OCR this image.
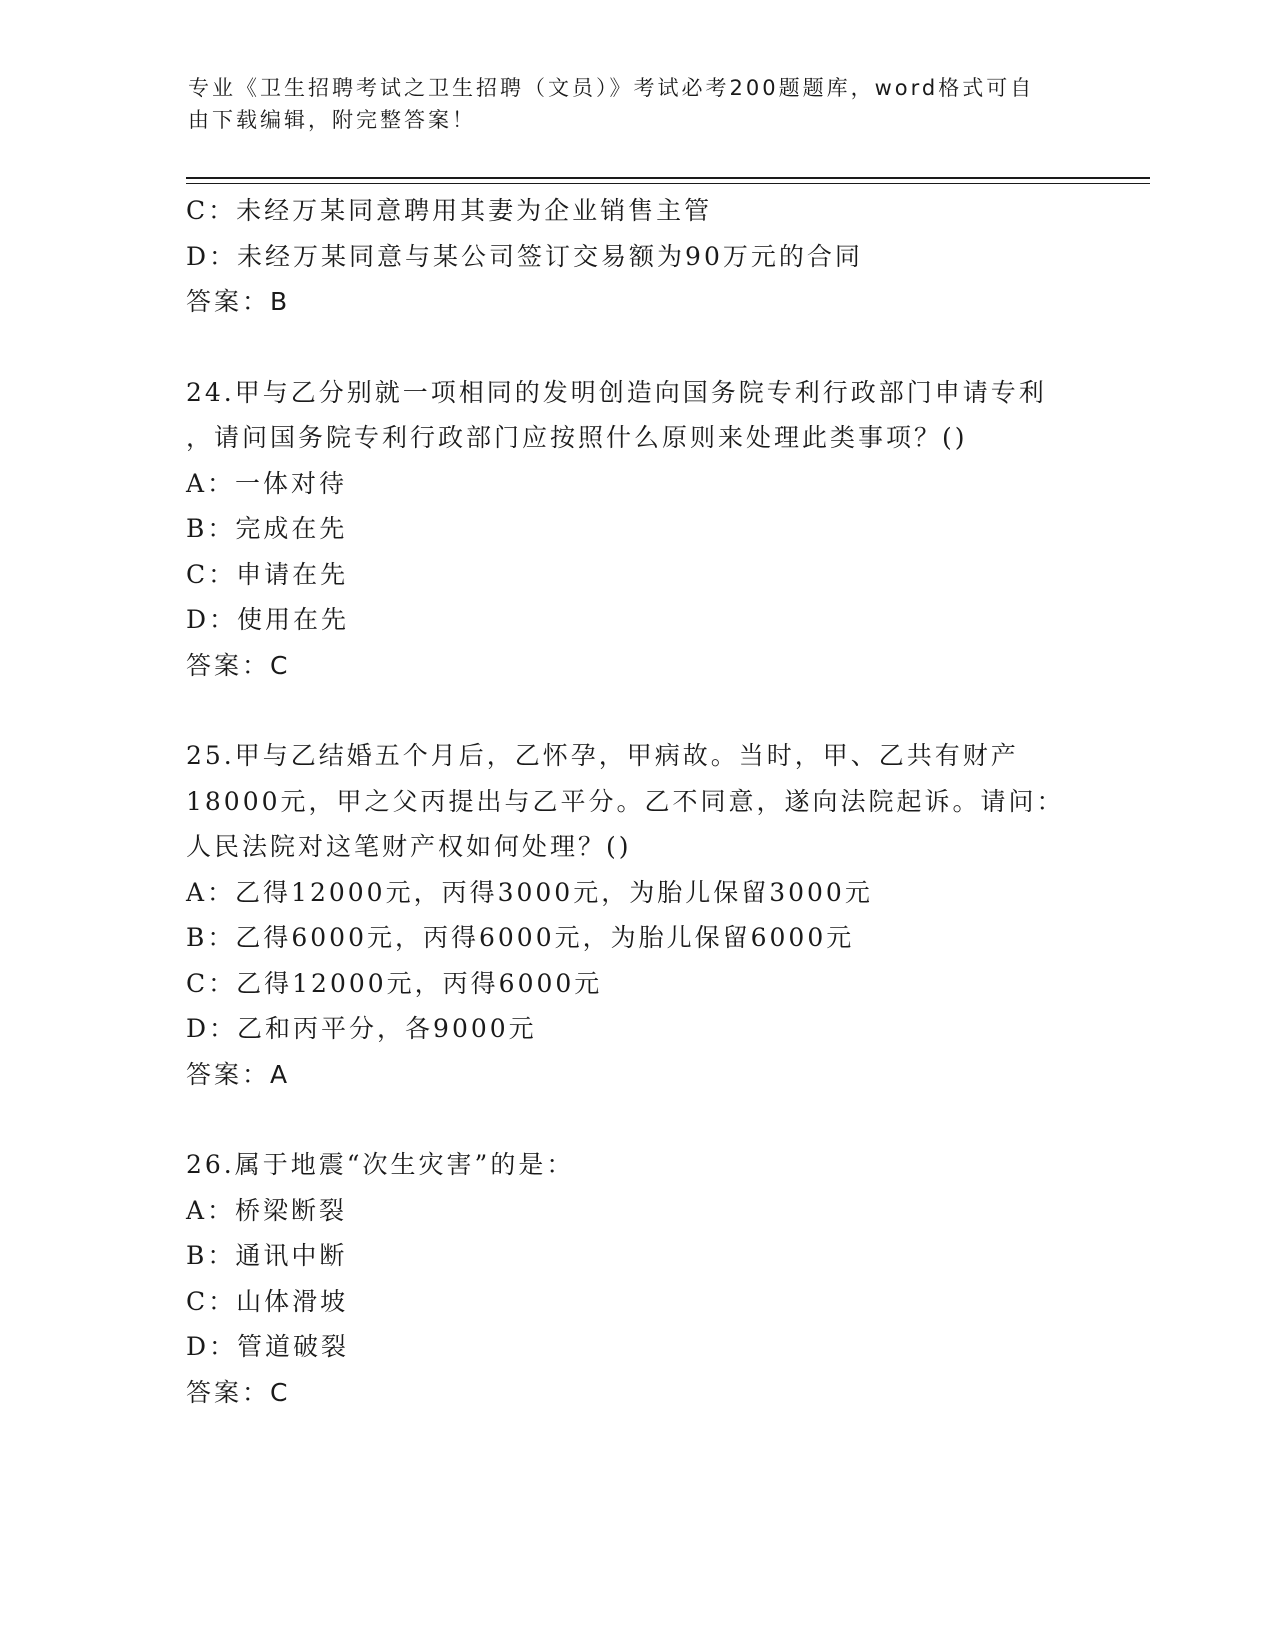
专业《卫生招聘考试之卫生招聘（文员）》考试必考200题题库，word格式可自
由下载编辑，附完整答案！
C：未经万某同意聘用其妻为企业销售主管
D：未经万某同意与某公司签订交易额为90万元的合同
答案：B
24.甲与乙分别就一项相同的发明创造向国务院专利行政部门申请专利
，请问国务院专利行政部门应按照什么原则来处理此类事项？()
A：一体对待
B：完成在先
C：申请在先
D：使用在先
答案：C
25.甲与乙结婚五个月后，乙怀孕，甲病故。当时，甲、乙共有财产
18000元，甲之父丙提出与乙平分。乙不同意，遂向法院起诉。请问：
人民法院对这笔财产权如何处理？()
A：乙得12000元，丙得3000元，为胎儿保留3000元
B：乙得6000元，丙得6000元，为胎儿保留6000元
C：乙得12000元，丙得6000元
D：乙和丙平分，各9000元
答案：A
26.属于地震“次生灾害”的是：
A：桥梁断裂
B：通讯中断
C：山体滑坡
D：管道破裂
答案：C
